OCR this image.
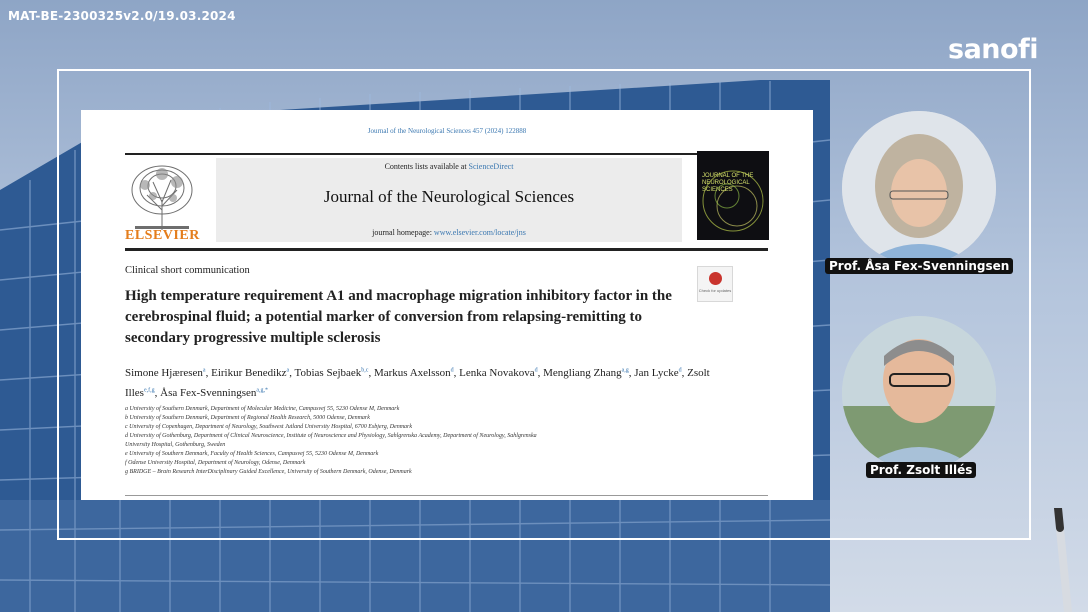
MAT-BE-2300325v2.0/19.03.2024
sanofi
Journal of the Neurological Sciences 457 (2024) 122888
ELSEVIER
Contents lists available at ScienceDirect
Journal of the Neurological Sciences
journal homepage: www.elsevier.com/locate/jns
JOURNAL OF THE NEUROLOGICAL SCIENCES
Clinical short communication
Check for updates
High temperature requirement A1 and macrophage migration inhibitory factor in the cerebrospinal fluid; a potential marker of conversion from relapsing-remitting to secondary progressive multiple sclerosis
Simone Hjæresen$^a$, Eirikur Benedikz$^a$, Tobias Sejbaek$^{b,c}$, Markus Axelsson$^d$, Lenka Novakova$^d$, Mengliang Zhang$^{a,g}$, Jan Lycke$^d$, Zsolt Illes$^{e,f,g}$, Åsa Fex-Svenningsen$^{a,g,*}$
a University of Southern Denmark, Department of Molecular Medicine, Campusvej 55, 5230 Odense M, Denmark
b University of Southern Denmark, Department of Regional Health Research, 5000 Odense, Denmark
c University of Copenhagen, Department of Neurology, Southwest Jutland University Hospital, 6700 Esbjerg, Denmark
d University of Gothenburg, Department of Clinical Neuroscience, Institute of Neuroscience and Physiology, Sahlgrenska Academy, Department of Neurology, Sahlgrenska
University Hospital, Gothenburg, Sweden
e University of Southern Denmark, Faculty of Health Sciences, Campusvej 55, 5230 Odense M, Denmark
f Odense University Hospital, Department of Neurology, Odense, Denmark
g BRIDGE – Brain Research InterDisciplinary Guided Excellence, University of Southern Denmark, Odense, Denmark
Prof. Åsa Fex-Svenningsen
Prof. Zsolt Illés
